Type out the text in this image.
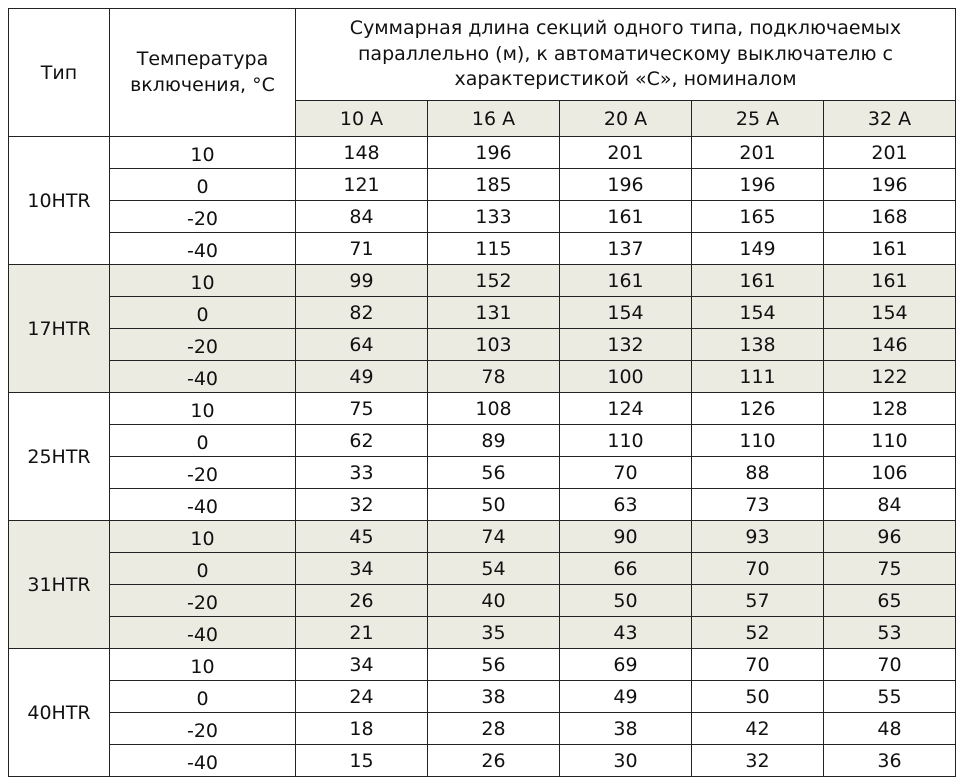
Тип	Температура включения, °С	Суммарная длина секций одного типа, подключаемых параллельно (м), к автоматическому выключателю с характеристикой «С», номиналом				
		10 А	16 А	20 А	25 А	32 А
10HTR	10	148	196	201	201	201
	0	121	185	196	196	196
	-20	84	133	161	165	168
	-40	71	115	137	149	161
17HTR	10	99	152	161	161	161
	0	82	131	154	154	154
	-20	64	103	132	138	146
	-40	49	78	100	111	122
25HTR	10	75	108	124	126	128
	0	62	89	110	110	110
	-20	33	56	70	88	106
	-40	32	50	63	73	84
31HTR	10	45	74	90	93	96
	0	34	54	66	70	75
	-20	26	40	50	57	65
	-40	21	35	43	52	53
40HTR	10	34	56	69	70	70
	0	24	38	49	50	55
	-20	18	28	38	42	48
	-40	15	26	30	32	36
